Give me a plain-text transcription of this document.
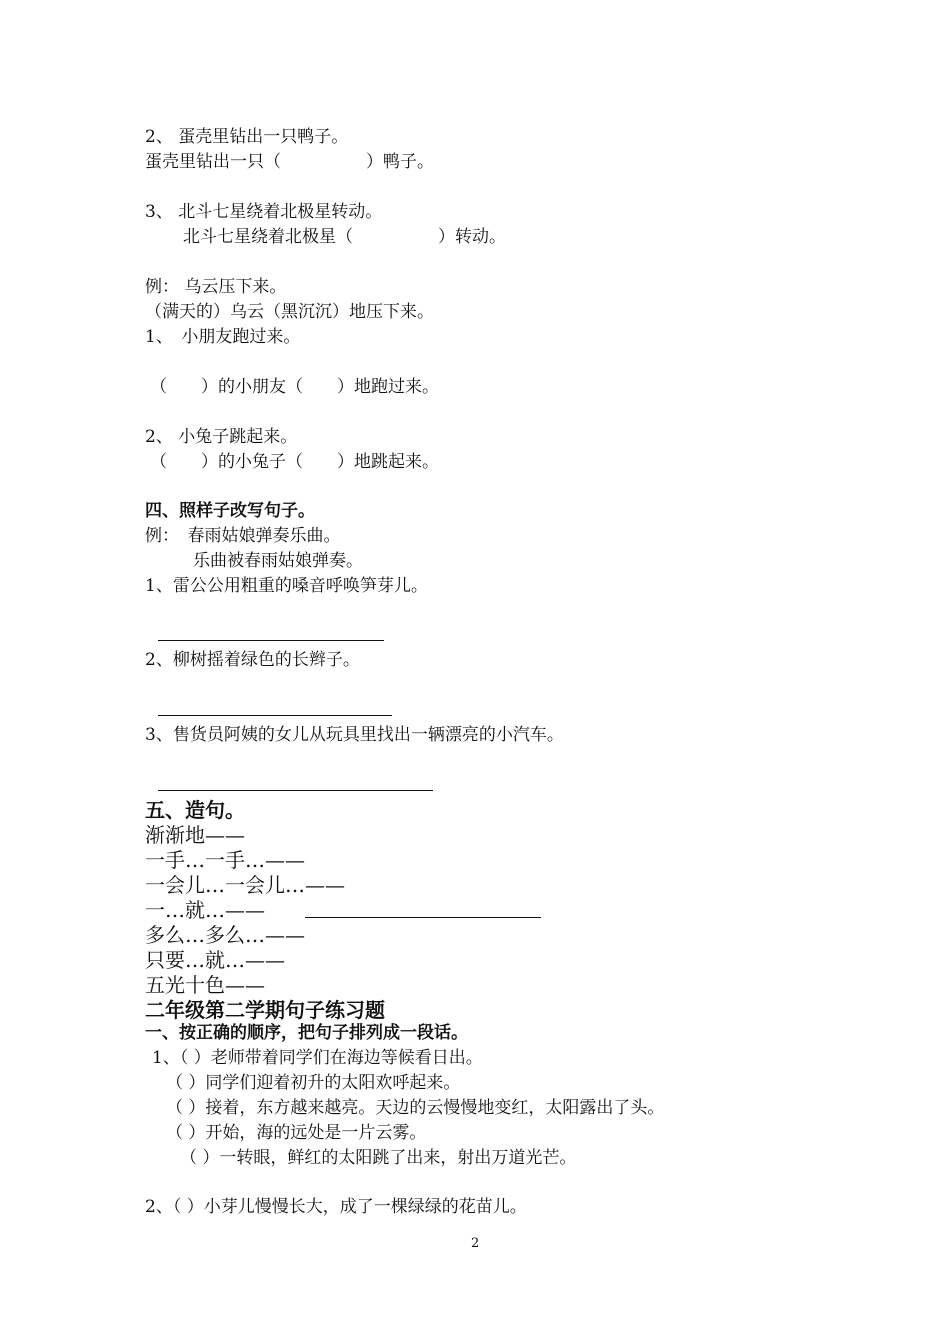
2、 蛋壳里钻出一只鸭子。
蛋壳里钻出一只（　　　　　）鸭子。
3、 北斗七星绕着北极星转动。
北斗七星绕着北极星（　　　　　）转动。
例： 乌云压下来。
（满天的）乌云（黑沉沉）地压下来。
1、　小朋友跑过来。
（　　）的小朋友（　　）地跑过来。
2、 小兔子跳起来。
（　　）的小兔子（　　）地跳起来。
四、照样子改写句子。
例：　春雨姑娘弹奏乐曲。
乐曲被春雨姑娘弹奏。
1、雷公公用粗重的嗓音呼唤笋芽儿。
2、柳树摇着绿色的长辫子。
3、售货员阿姨的女儿从玩具里找出一辆漂亮的小汽车。
五、造句。
渐渐地——
一手…一手…——
一会儿…一会儿…——
一…就…——
多么…多么…——
只要…就…——
五光十色——
二年级第二学期句子练习题
一、按正确的顺序，把句子排列成一段话。
1、（ ）老师带着同学们在海边等候看日出。
（ ）同学们迎着初升的太阳欢呼起来。
（ ）接着，东方越来越亮。天边的云慢慢地变红，太阳露出了头。
（ ）开始，海的远处是一片云雾。
（ ）一转眼，鲜红的太阳跳了出来，射出万道光芒。
2、（ ）小芽儿慢慢长大，成了一棵绿绿的花苗儿。
2
